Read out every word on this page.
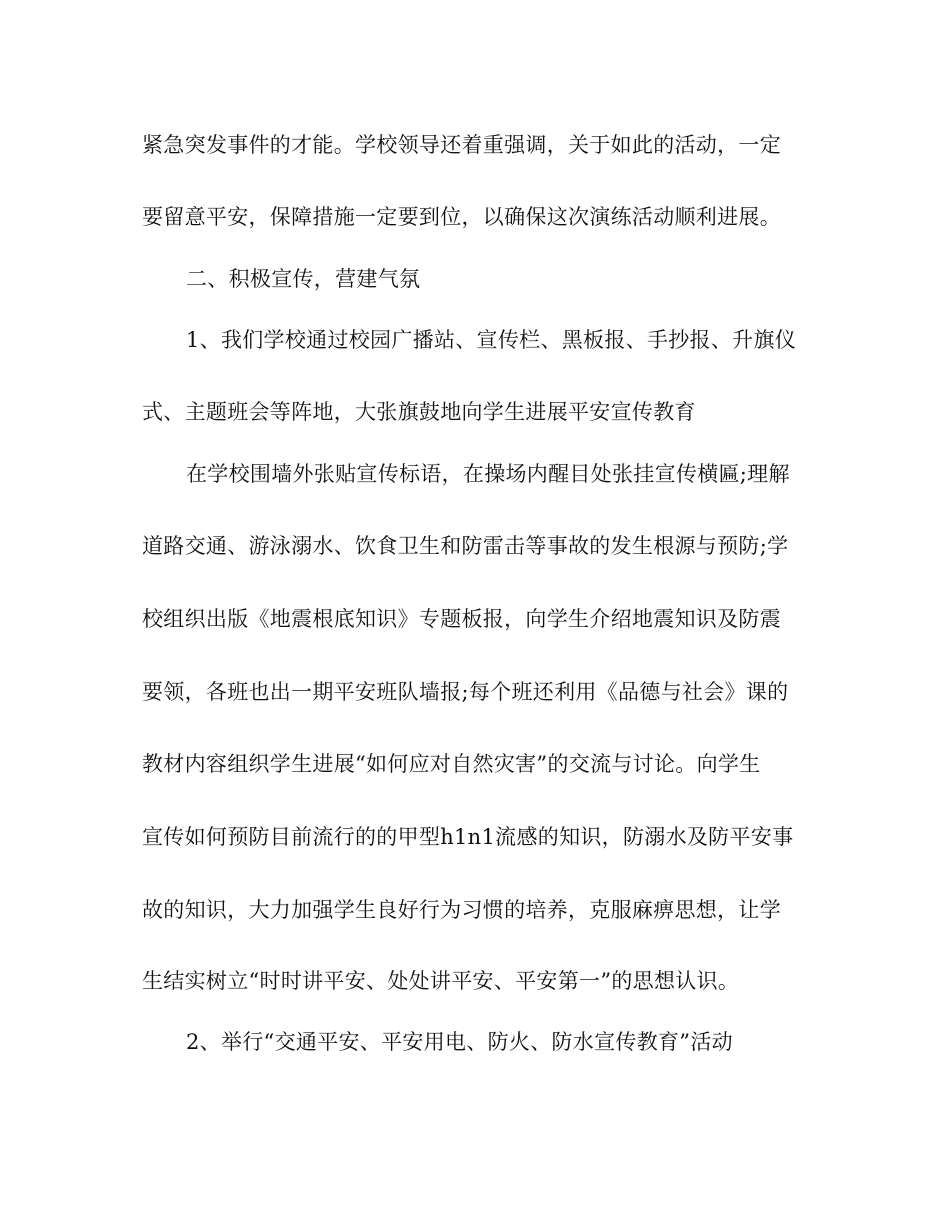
紧急突发事件的才能。学校领导还着重强调，关于如此的活动，一定
要留意平安，保障措施一定要到位，以确保这次演练活动顺利进展。
二、积极宣传，营建气氛
1、我们学校通过校园广播站、宣传栏、黑板报、手抄报、升旗仪
式、主题班会等阵地，大张旗鼓地向学生进展平安宣传教育
在学校围墙外张贴宣传标语，在操场内醒目处张挂宣传横匾;理解
道路交通、游泳溺水、饮食卫生和防雷击等事故的发生根源与预防;学
校组织出版《地震根底知识》专题板报，向学生介绍地震知识及防震
要领，各班也出一期平安班队墙报;每个班还利用《品德与社会》课的
教材内容组织学生进展“如何应对自然灾害”的交流与讨论。向学生
宣传如何预防目前流行的的甲型h1n1流感的知识，防溺水及防平安事
故的知识，大力加强学生良好行为习惯的培养，克服麻痹思想，让学
生结实树立“时时讲平安、处处讲平安、平安第一”的思想认识。
2、举行“交通平安、平安用电、防火、防水宣传教育”活动
